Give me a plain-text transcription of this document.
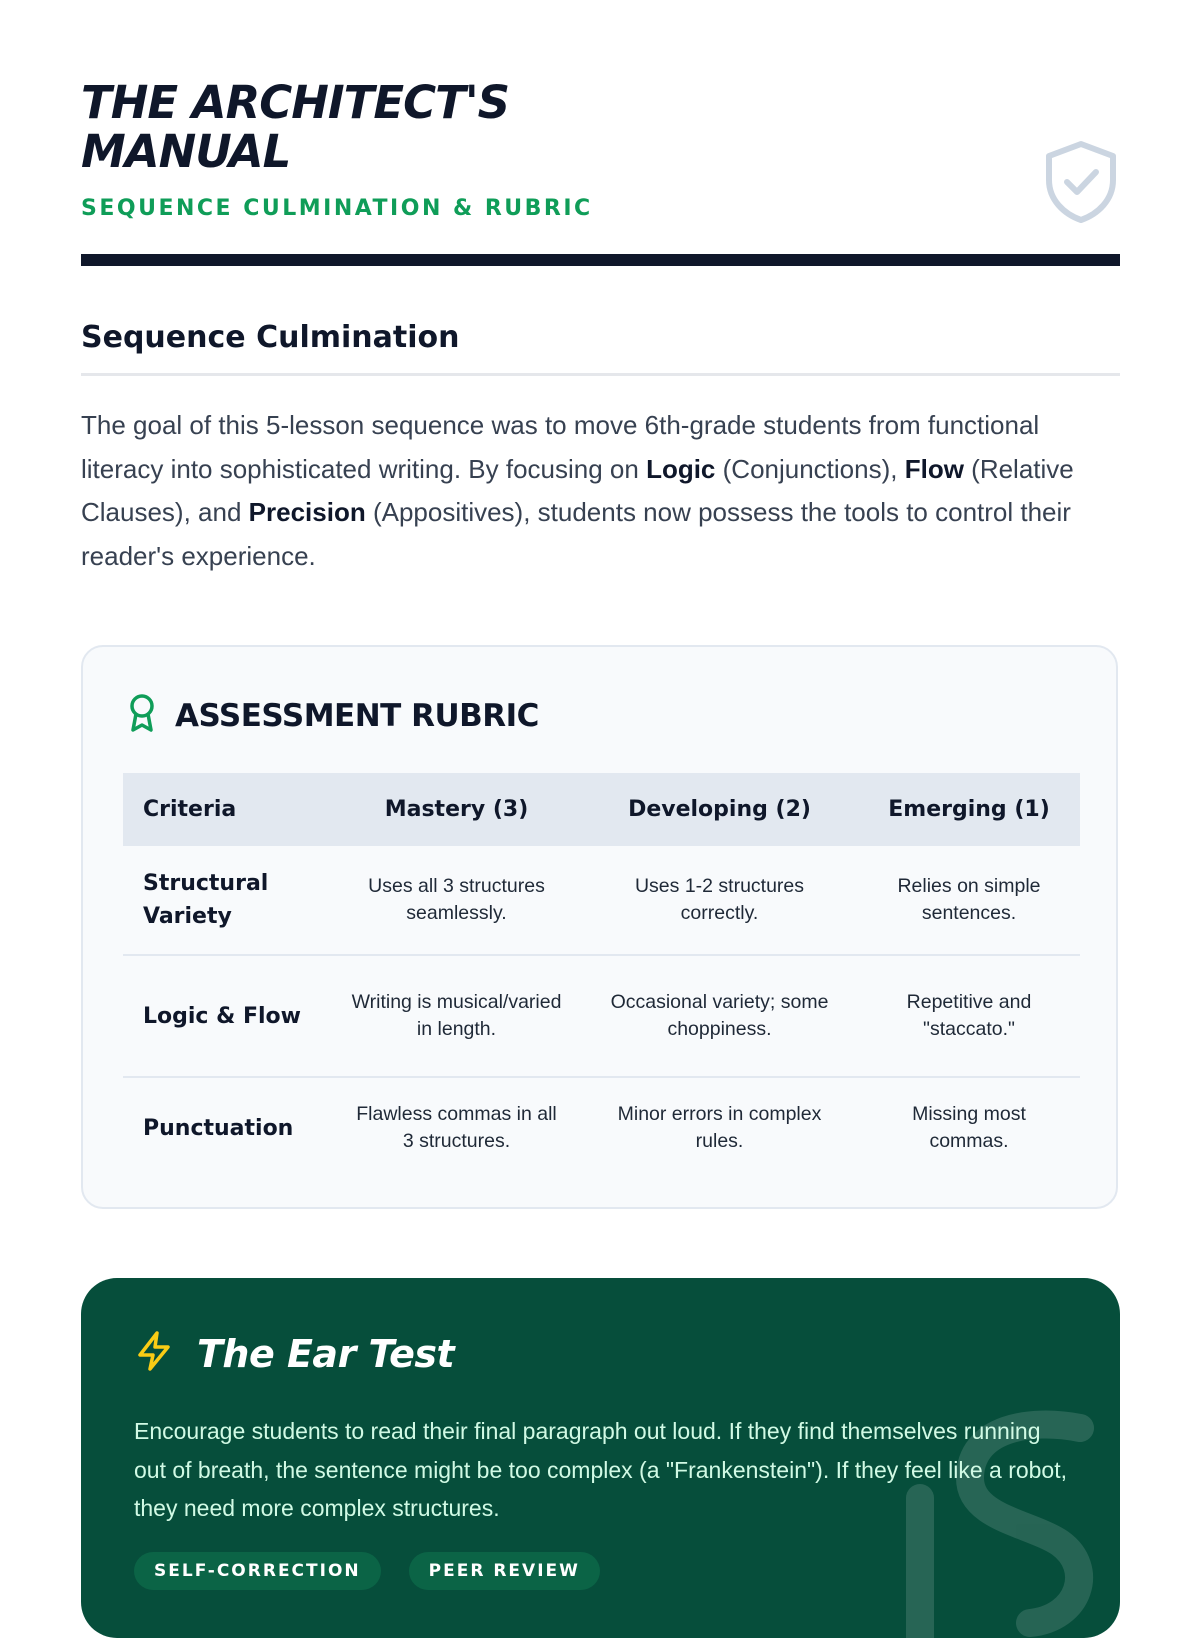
THE ARCHITECT'S
MANUAL
SEQUENCE CULMINATION & RUBRIC
Sequence Culmination

The goal of this 5-lesson sequence was to move 6th-grade students from functional literacy into sophisticated writing. By focusing on Logic (Conjunctions), Flow (Relative Clauses), and Precision (Appositives), students now possess the tools to control their reader's experience.

ASSESSMENT RUBRIC
Criteria	Mastery (3)	Developing (2)	Emerging (1)
Structural Variety	Uses all 3 structures seamlessly.	Uses 1-2 structures correctly.	Relies on simple sentences.
Logic & Flow	Writing is musical/varied in length.	Occasional variety; some choppiness.	Repetitive and "staccato."
Punctuation	Flawless commas in all 3 structures.	Minor errors in complex rules.	Missing most commas.
The Ear Test

Encourage students to read their final paragraph out loud. If they find themselves running out of breath, the sentence might be too complex (a "Frankenstein"). If they feel like a robot, they need more complex structures.

SELF-CORRECTION	PEER REVIEW
